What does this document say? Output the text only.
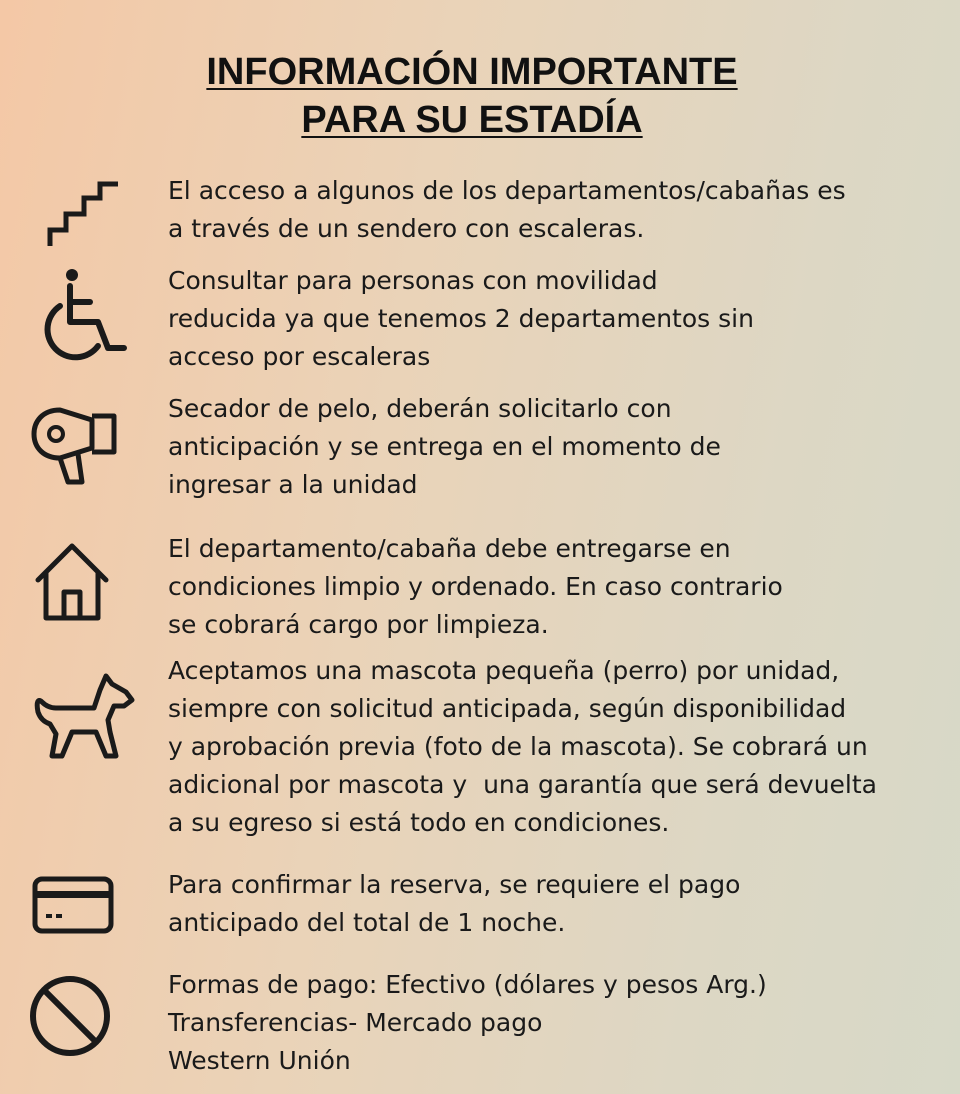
INFORMACIÓN IMPORTANTE
PARA SU ESTADÍA
El acceso a algunos de los departamentos/cabañas es
a través de un sendero con escaleras.
Consultar para personas con movilidad
reducida ya que tenemos 2 departamentos sin
acceso por escaleras
Secador de pelo, deberán solicitarlo con
anticipación y se entrega en el momento de
ingresar a la unidad
El departamento/cabaña debe entregarse en
condiciones limpio y ordenado. En caso contrario
se cobrará cargo por limpieza.
Aceptamos una mascota pequeña (perro) por unidad,
siempre con solicitud anticipada, según disponibilidad
y aprobación previa (foto de la mascota). Se cobrará un
adicional por mascota y  una garantía que será devuelta
a su egreso si está todo en condiciones.
Para confirmar la reserva, se requiere el pago
anticipado del total de 1 noche.
Formas de pago: Efectivo (dólares y pesos Arg.)
Transferencias- Mercado pago
Western Unión
